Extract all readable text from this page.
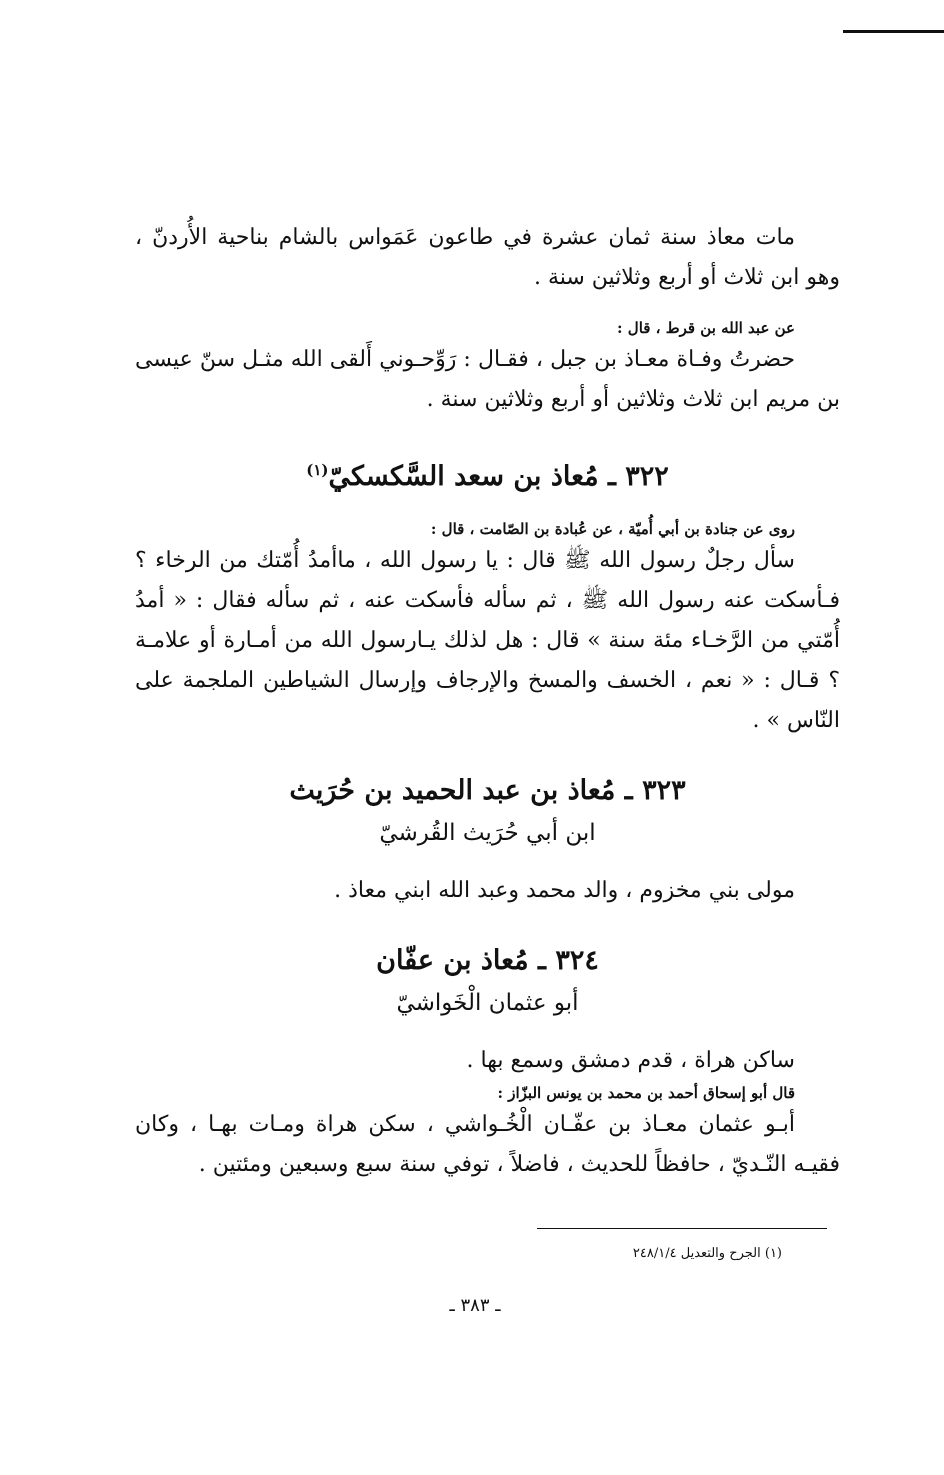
مات معاذ سنة ثمان عشرة في طاعون عَمَواس بالشام بناحية الأُردنّ ، وهو ابن ثلاث أو أربع وثلاثين سنة .

عن عبد الله بن قرط ، قال :

حضرتُ وفـاة معـاذ بن جبل ، فقـال : رَوِّحـوني أَلقى الله مثـل سنّ عيسى بن مريم ابن ثلاث وثلاثين أو أربع وثلاثين سنة .

٣٢٢ ـ مُعاذ بن سعد السَّكسكيّ$^{(١)}$

روى عن جنادة بن أبي أُميّة ، عن عُبادة بن الصّامت ، قال :

سأل رجلٌ رسول الله ﷺ قال : يا رسول الله ، ماأمدُ أُمّتك من الرخاء ؟ فـأسكت عنه رسول الله ﷺ ، ثم سأله فأسكت عنه ، ثم سأله فقال : « أمدُ أُمّتي من الرَّخـاء مئة سنة » قال : هل لذلك يـارسول الله من أمـارة أو علامـة ؟ قـال : « نعم ، الخسف والمسخ والإرجاف وإرسال الشياطين الملجمة على النّاس » .

٣٢٣ ـ مُعاذ بن عبد الحميد بن حُرَيث

ابن أبي حُرَيث القُرشيّ

مولى بني مخزوم ، والد محمد وعبد الله ابني معاذ .

٣٢٤ ـ مُعاذ بن عفّان

أبو عثمان الْخَواشيّ

ساكن هراة ، قدم دمشق وسمع بها .

قال أبو إسحاق أحمد بن محمد بن يونس البزّاز :

أبـو عثمان معـاذ بن عفّـان الْخُـواشي ، سكن هراة ومـات بهـا ، وكان فقيـه النّـديّ ، حافظاً للحديث ، فاضلاً ، توفي سنة سبع وسبعين ومئتين .

(١) الجرح والتعديل ٢٤٨/١/٤
ـ ٣٨٣ ـ
